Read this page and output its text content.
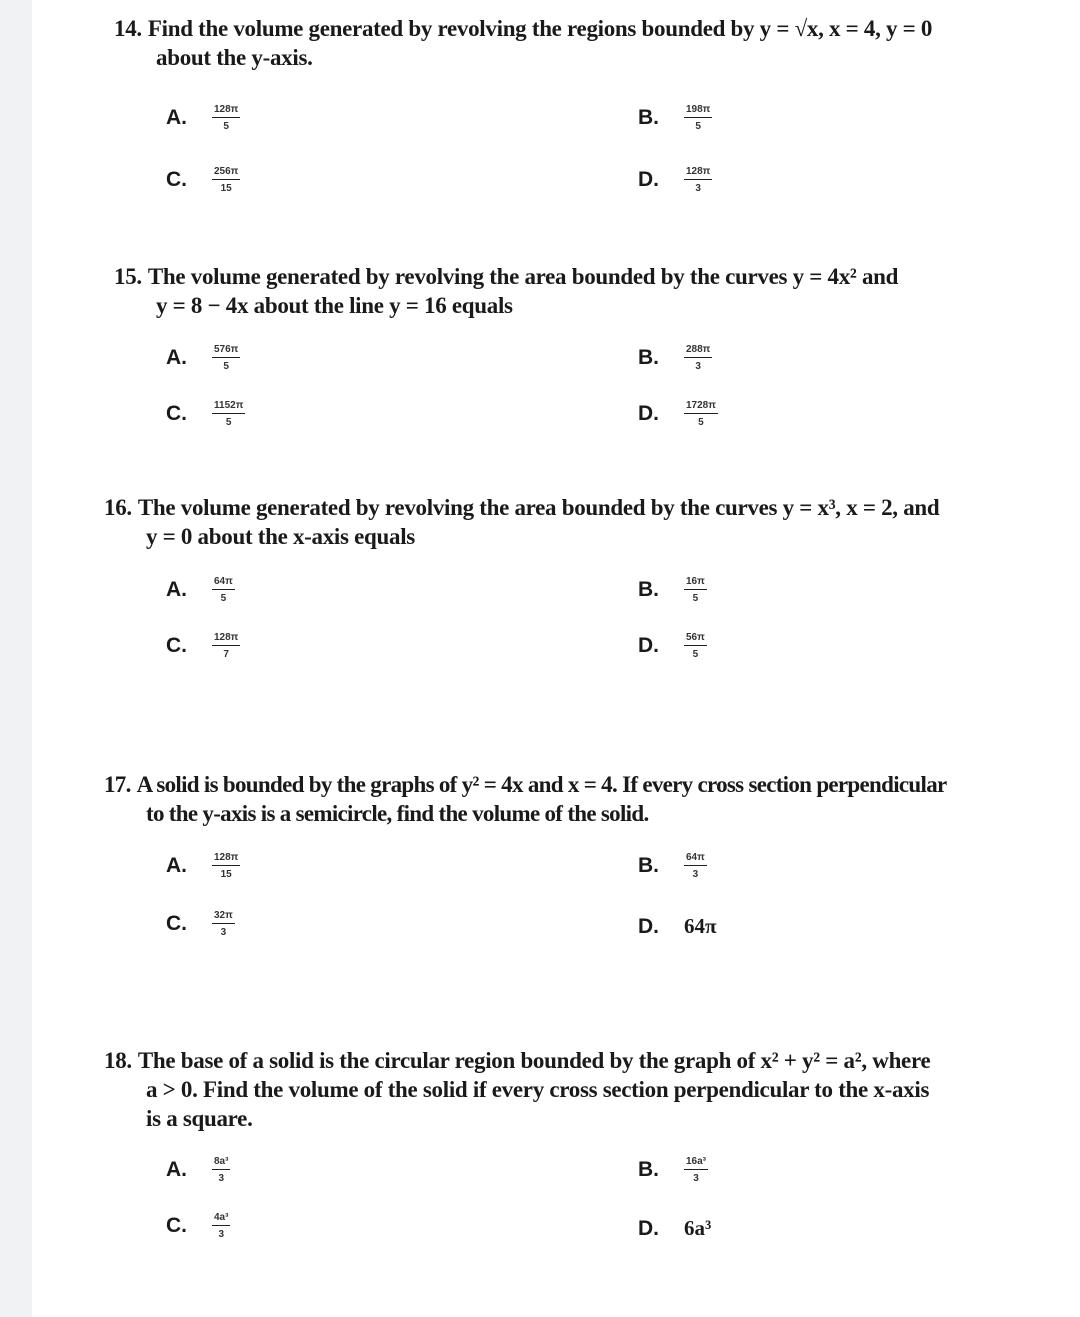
14. Find the volume generated by revolving the regions bounded by y = √x, x = 4, y = 0
about the y-axis.
A.	$\frac{128\pi}{5}$	B.	$\frac{198\pi}{5}$
C.	$\frac{256\pi}{15}$	D.	$\frac{128\pi}{3}$
15. The volume generated by revolving the area bounded by the curves y = 4x² and
y = 8 − 4x about the line y = 16 equals
A.	$\frac{576\pi}{5}$	B.	$\frac{288\pi}{3}$
C.	$\frac{1152\pi}{5}$	D.	$\frac{1728\pi}{5}$
16. The volume generated by revolving the area bounded by the curves y = x³, x = 2, and
y = 0 about the x-axis equals
A.	$\frac{64\pi}{5}$	B.	$\frac{16\pi}{5}$
C.	$\frac{128\pi}{7}$	D.	$\frac{56\pi}{5}$
17. A solid is bounded by the graphs of y² = 4x and x = 4. If every cross section perpendicular
to the y-axis is a semicircle, find the volume of the solid.
A.	$\frac{128\pi}{15}$	B.	$\frac{64\pi}{3}$
C.	$\frac{32\pi}{3}$	D.	64π
18. The base of a solid is the circular region bounded by the graph of x² + y² = a², where
a > 0. Find the volume of the solid if every cross section perpendicular to the x-axis
is a square.
A.	$\frac{\text{8a³}}{3}$	B.	$\frac{\text{16a³}}{3}$
C.	$\frac{\text{4a³}}{3}$	D.	6a³
